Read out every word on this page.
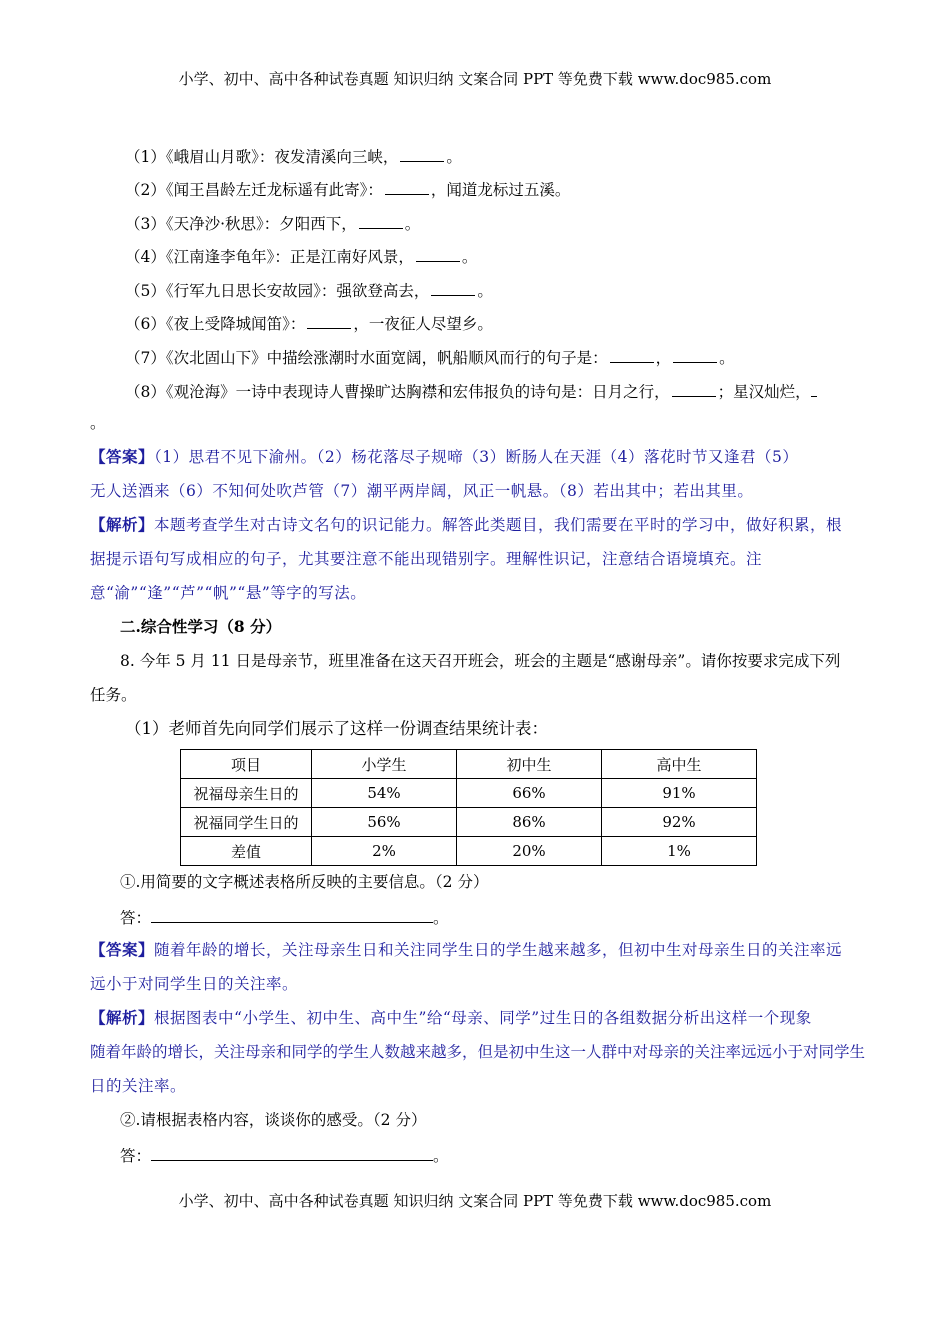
小学、初中、高中各种试卷真题 知识归纳 文案合同 PPT 等免费下载 www.doc985.com
（1）《峨眉山月歌》：夜发清溪向三峡，	。
（2）《闻王昌龄左迁龙标遥有此寄》：	，闻道龙标过五溪。
（3）《天净沙·秋思》：夕阳西下，	。
（4）《江南逢李龟年》：正是江南好风景，	。
（5）《行军九日思长安故园》：强欲登高去，	。
（6）《夜上受降城闻笛》：	，一夜征人尽望乡。
（7）《次北固山下》中描绘涨潮时水面宽阔，帆船顺风而行的句子是：	，	。
（8）《观沧海》一诗中表现诗人曹操旷达胸襟和宏伟报负的诗句是：日月之行，	；星汉灿烂，
。
【答案】（1）思君不见下渝州。（2）杨花落尽子规啼（3）断肠人在天涯（4）落花时节又逢君（5）
无人送酒来（6）不知何处吹芦管（7）潮平两岸阔，风正一帆悬。（8）若出其中；若出其里。
【解析】本题考查学生对古诗文名句的识记能力。解答此类题目，我们需要在平时的学习中，做好积累，根
据提示语句写成相应的句子，尤其要注意不能出现错别字。理解性识记，注意结合语境填充。注
意“渝”“逢”“芦”“帆”“悬”等字的写法。
二.综合性学习（8 分）
8. 今年 5 月 11 日是母亲节，班里准备在这天召开班会，班会的主题是“感谢母亲”。请你按要求完成下列
任务。
（1）老师首先向同学们展示了这样一份调查结果统计表：
项目	小学生	初中生	高中生
祝福母亲生日的	54%	66%	91%
祝福同学生日的	56%	86%	92%
差值	2%	20%	1%
①.用简要的文字概述表格所反映的主要信息。（2 分）
答：	。
【答案】随着年龄的增长，关注母亲生日和关注同学生日的学生越来越多，但初中生对母亲生日的关注率远
远小于对同学生日的关注率。
【解析】根据图表中“小学生、初中生、高中生”给“母亲、同学”过生日的各组数据分析出这样一个现象
随着年龄的增长，关注母亲和同学的学生人数越来越多，但是初中生这一人群中对母亲的关注率远远小于对同学生
日的关注率。
②.请根据表格内容，谈谈你的感受。（2 分）
答：	。
小学、初中、高中各种试卷真题 知识归纳 文案合同 PPT 等免费下载 www.doc985.com
